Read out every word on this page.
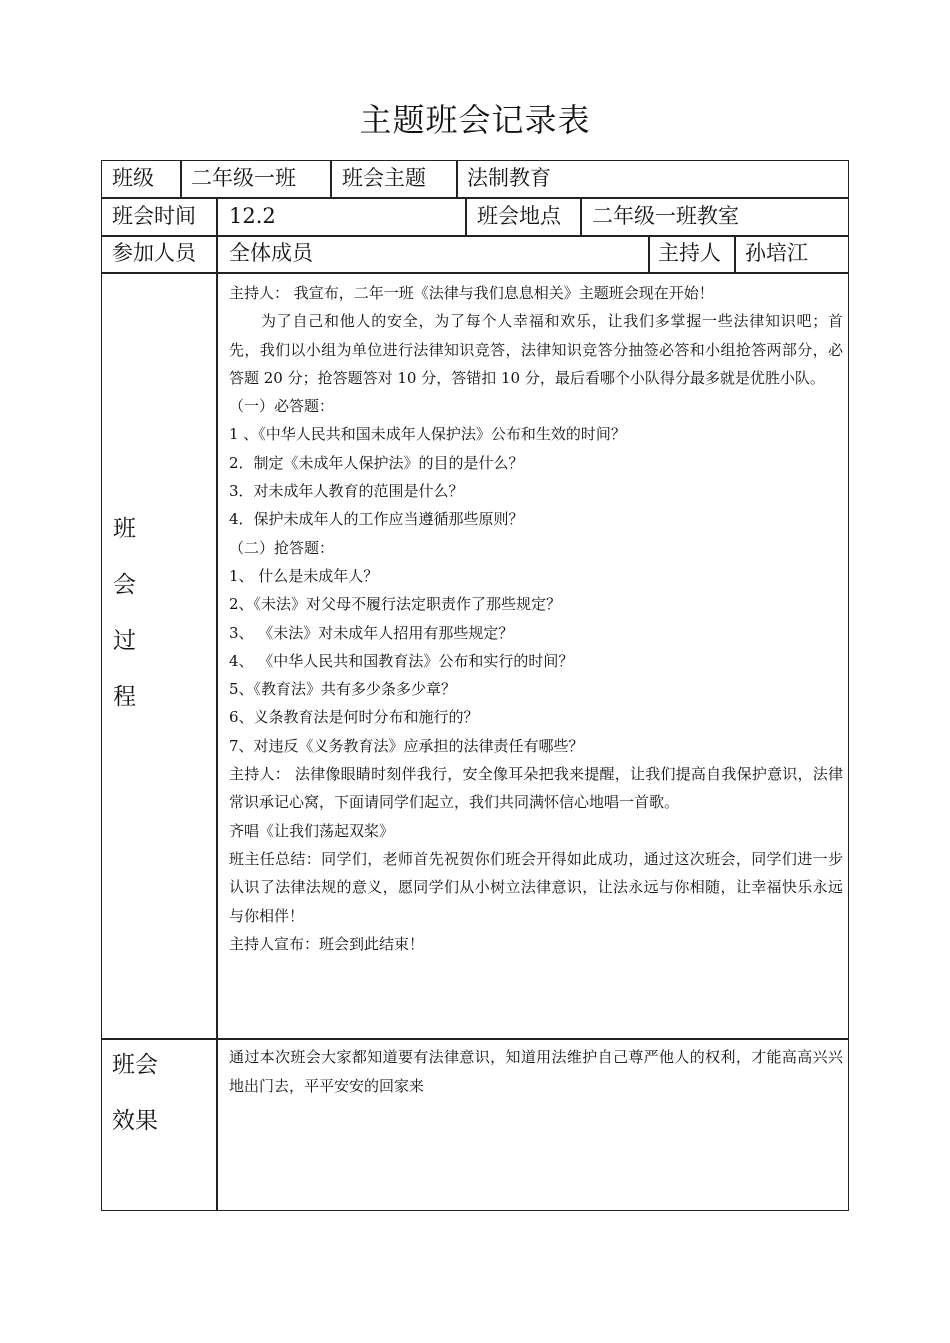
主题班会记录表
班级 二年级一班 班会主题 法制教育
班会时间 12.2	班会地点 二年级一班教室
参加人员 全体成员	主持人 孙培江
班
会
过
程

主持人： 我宣布，二年一班《法律与我们息息相关》主题班会现在开始！

为了自己和他人的安全，为了每个人幸福和欢乐，让我们多掌握一些法律知识吧；首先，我们以小组为单位进行法律知识竞答，法律知识竞答分抽签必答和小组抢答两部分，必答题 20 分；抢答题答对 10 分，答错扣 10 分，最后看哪个小队得分最多就是优胜小队。

（一）必答题：

1 、《中华人民共和国未成年人保护法》公布和生效的时间？

2．制定《未成年人保护法》的目的是什么？

3．对未成年人教育的范围是什么？

4．保护未成年人的工作应当遵循那些原则？

（二）抢答题：

1、 什么是未成年人？

2、《未法》对父母不履行法定职责作了那些规定？

3、 《未法》对未成年人招用有那些规定？

4、 《中华人民共和国教育法》公布和实行的时间？

5、《教育法》共有多少条多少章？

6、义条教育法是何时分布和施行的？

7、对违反《义务教育法》应承担的法律责任有哪些？

主持人： 法律像眼睛时刻伴我行，安全像耳朵把我来提醒，让我们提高自我保护意识，法律常识承记心窝，下面请同学们起立，我们共同满怀信心地唱一首歌。

齐唱《让我们荡起双桨》

班主任总结：同学们，老师首先祝贺你们班会开得如此成功，通过这次班会，同学们进一步认识了法律法规的意义，愿同学们从小树立法律意识，让法永远与你相随，让幸福快乐永远与你相伴！

主持人宣布：班会到此结束！

班会
效果
通过本次班会大家都知道要有法律意识，知道用法维护自己尊严他人的权利，才能高高兴兴地出门去，平平安安的回家来
